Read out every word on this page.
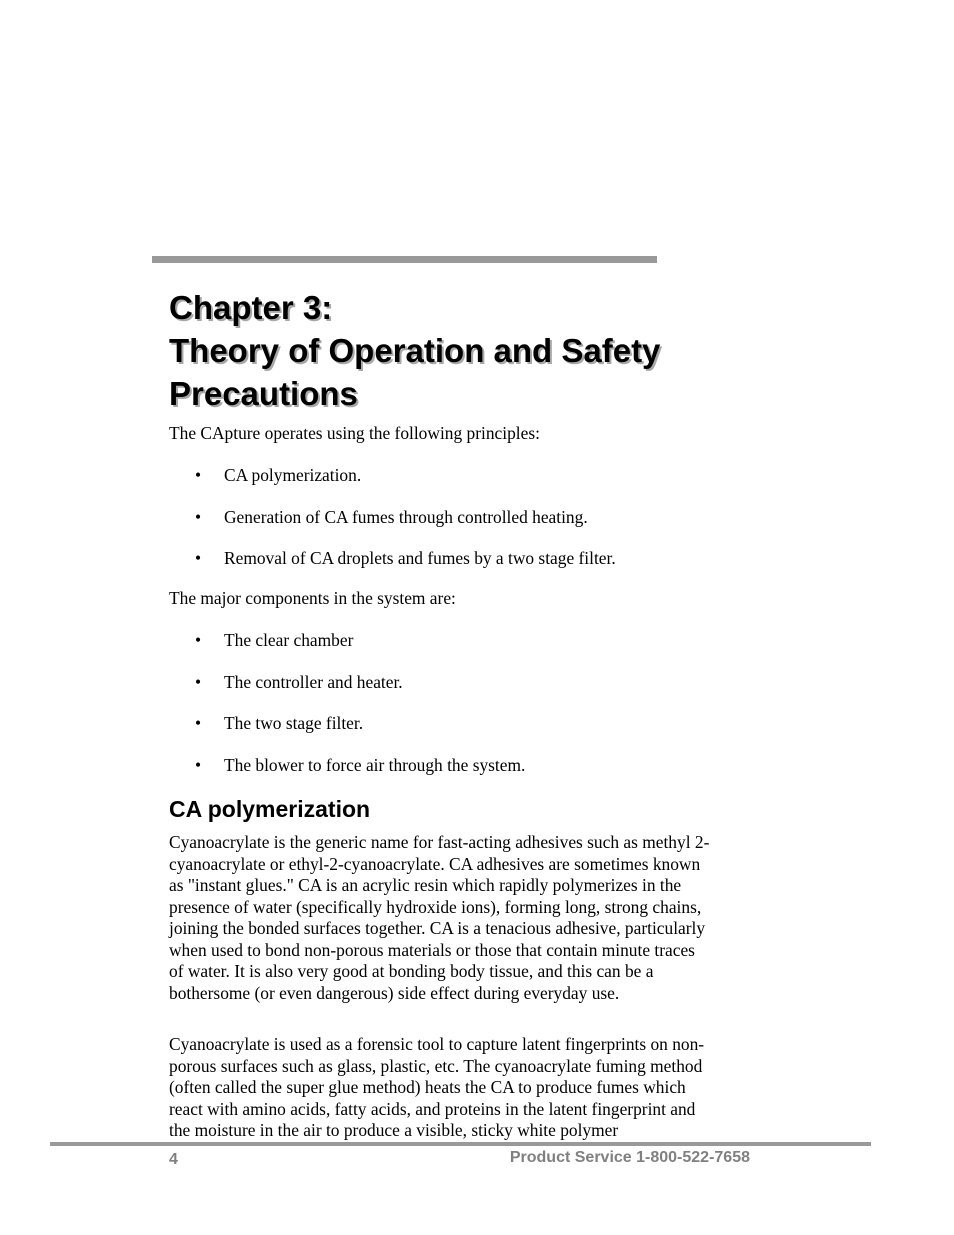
Chapter 3:
Theory of Operation and Safety
Precautions

The CApture operates using the following principles:

• CA polymerization.
• Generation of CA fumes through controlled heating.
• Removal of CA droplets and fumes by a two stage filter.

The major components in the system are:

• The clear chamber
• The controller and heater.
• The two stage filter.
• The blower to force air through the system.
CA polymerization

Cyanoacrylate is the generic name for fast-acting adhesives such as methyl 2-
cyanoacrylate or ethyl-2-cyanoacrylate. CA adhesives are sometimes known
as "instant glues." CA is an acrylic resin which rapidly polymerizes in the
presence of water (specifically hydroxide ions), forming long, strong chains,
joining the bonded surfaces together. CA is a tenacious adhesive, particularly
when used to bond non-porous materials or those that contain minute traces
of water. It is also very good at bonding body tissue, and this can be a
bothersome (or even dangerous) side effect during everyday use.

Cyanoacrylate is used as a forensic tool to capture latent fingerprints on non-
porous surfaces such as glass, plastic, etc. The cyanoacrylate fuming method
(often called the super glue method) heats the CA to produce fumes which
react with amino acids, fatty acids, and proteins in the latent fingerprint and
the moisture in the air to produce a visible, sticky white polymer

4	Product Service 1-800-522-7658
